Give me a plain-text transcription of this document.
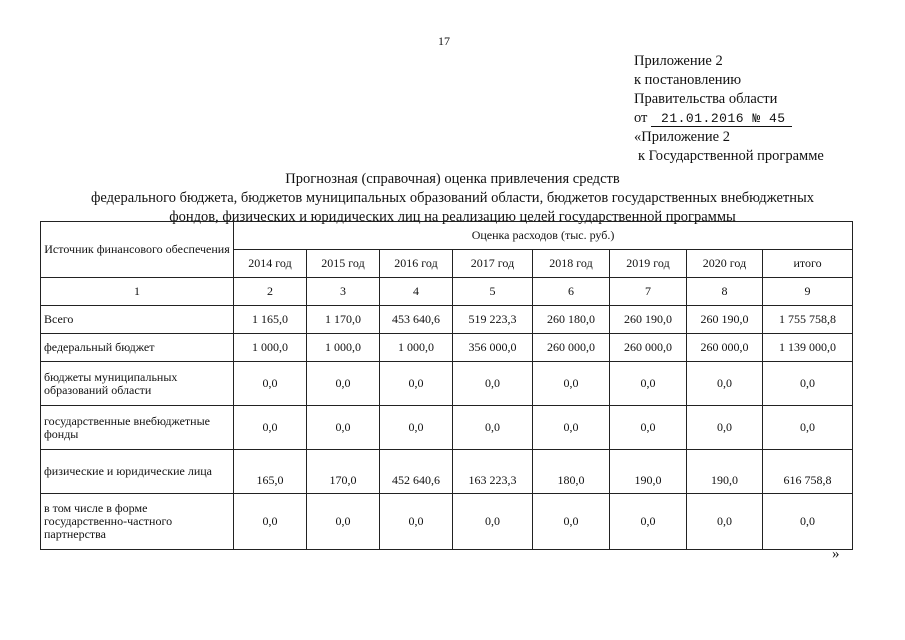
17
Приложение 2
к постановлению
Правительства области
от 21.01.2016 № 45
«Приложение 2
к Государственной программе
Прогнозная (справочная) оценка привлечения средств
федерального бюджета, бюджетов муниципальных образований области, бюджетов государственных внебюджетных
фондов, физических и юридических лиц на реализацию целей государственной программы
Источник финансового обеспечения	Оценка расходов (тыс. руб.)							
	2014 год	2015 год	2016 год	2017 год	2018 год	2019 год	2020 год	итого
1	2	3	4	5	6	7	8	9
Всего	1 165,0	1 170,0	453 640,6	519 223,3	260 180,0	260 190,0	260 190,0	1 755 758,8
федеральный бюджет	1 000,0	1 000,0	1 000,0	356 000,0	260 000,0	260 000,0	260 000,0	1 139 000,0
бюджеты муниципальных образований области	0,0	0,0	0,0	0,0	0,0	0,0	0,0	0,0
государственные внебюджетные фонды	0,0	0,0	0,0	0,0	0,0	0,0	0,0	0,0
физические и юридические лица	165,0	170,0	452 640,6	163 223,3	180,0	190,0	190,0	616 758,8
в том числе в форме государственно-частного партнерства	0,0	0,0	0,0	0,0	0,0	0,0	0,0	0,0
»
